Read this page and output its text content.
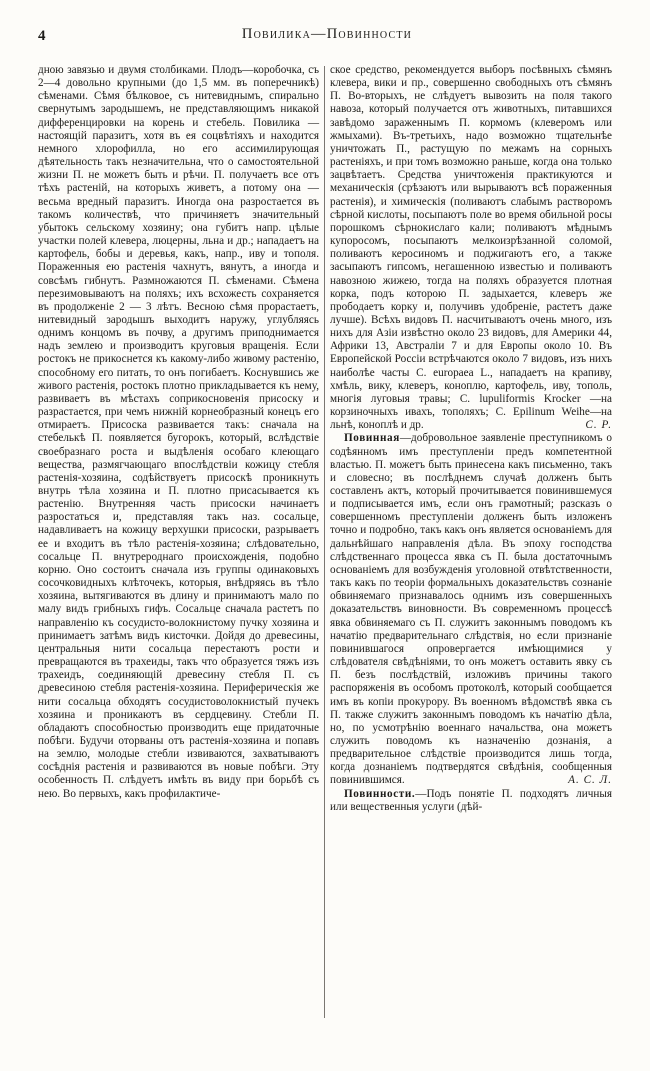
4	Повилика—Повинности

дною завязью и двумя столбиками. Плодъ—коробочка, съ 2—4 довольно крупными (до 1,5 мм. въ поперечникѣ) сѣменами. Сѣмя бѣлковое, съ нитевиднымъ, спирально свернутымъ зародышемъ, не представляющимъ никакой дифференцировки на корень и стебель. Повилика — настоящій паразитъ, хотя въ ея соцвѣтіяхъ и находится немного хлорофилла, но его ассимилирующая дѣятельность такъ незначительна, что о самостоятельной жизни П. не можетъ быть и рѣчи. П. получаетъ все отъ тѣхъ растеній, на которыхъ живетъ, а потому она — весьма вредный паразитъ. Иногда она разростается въ такомъ количествѣ, что причиняетъ значительный убытокъ сельскому хозяину; она губитъ напр. цѣлые участки полей клевера, люцерны, льна и др.; нападаетъ на картофель, бобы и деревья, какъ, напр., иву и тополя. Пораженныя ею растенія чахнутъ, вянутъ, а иногда и совсѣмъ гибнутъ. Размножаются П. сѣменами. Сѣмена перезимовываютъ на поляхъ; ихъ всхожесть сохраняется въ продолженіе 2 — 3 лѣтъ. Весною сѣмя прорастаетъ, нитевидный зародышъ выходитъ наружу, углубляясь однимъ концомъ въ почву, а другимъ приподнимается надъ землею и производитъ круговыя вращенія. Если ростокъ не прикоснется къ какому-либо живому растенію, способному его питать, то онъ погибаетъ. Коснувшись же живого растенія, ростокъ плотно прикладывается къ нему, развиваетъ въ мѣстахъ соприкосновенія присоску и разрастается, при чемъ нижній корнеобразный конецъ его отмираетъ. Присоска развивается такъ: сначала на стебелькѣ П. появляется бугорокъ, который, вслѣдствіе своебразнаго роста и выдѣленія особаго клеющаго вещества, размягчающаго впослѣдствіи кожицу стебля растенія-хозяина, содѣйствуетъ присоскѣ проникнуть внутрь тѣла хозяина и П. плотно присасывается къ растенію. Внутренняя часть присоски начинаетъ разростаться и, представляя такъ наз. сосальце, надавливаетъ на кожицу верхушки присоски, разрываетъ ее и входитъ въ тѣло растенія-хозяина; слѣдовательно, сосальце П. внутрероднаго происхожденія, подобно корню. Оно состоитъ сначала изъ группы одинаковыхъ сосочковидныхъ клѣточекъ, которыя, внѣдряясь въ тѣло хозяина, вытягиваются въ длину и принимаютъ мало по малу видъ грибныхъ гифъ. Сосальце сначала растетъ по направленію къ сосудисто-волокнистому пучку хозяина и принимаетъ затѣмъ видъ кисточки. Дойдя до древесины, центральныя нити сосальца перестаютъ рости и превращаются въ трахеиды, такъ что образуется тяжъ изъ трахеидъ, соединяющій древесину стебля П. съ древесиною стебля растенія-хозяина. Периферическія же нити сосальца обходятъ сосудистоволокнистый пучекъ хозяина и проникаютъ въ сердцевину. Стебли П. обладаютъ способностью производить еще придаточные побѣги. Будучи оторваны отъ растенія-хозяина и попавъ на землю, молодые стебли извиваются, захватываютъ сосѣднія растенія и развиваются въ новые побѣги. Эту особенность П. слѣдуетъ имѣть въ виду при борьбѣ съ нею. Во первыхъ, какъ профилактиче-

ское средство, рекомендуется выборъ посѣвныхъ сѣмянъ клевера, вики и пр., совершенно свободныхъ отъ сѣмянъ П. Во-вторыхъ, не слѣдуетъ вывозить на поля такого навоза, который получается отъ животныхъ, питавшихся завѣдомо зараженнымъ П. кормомъ (клеверомъ или жмыхами). Въ-третьихъ, надо возможно тщательнѣе уничтожать П., растущую по межамъ на сорныхъ растеніяхъ, и при томъ возможно раньше, когда она только зацвѣтаетъ. Средства уничтоженія практикуются и механическія (срѣзаютъ или вырываютъ всѣ пораженныя растенія), и химическія (поливаютъ слабымъ растворомъ сѣрной кислоты, посыпаютъ поле во время обильной росы порошкомъ сѣрнокислаго кали; поливаютъ мѣднымъ купоросомъ, посыпаютъ мелкоизрѣзанной соломой, поливаютъ керосиномъ и поджигаютъ его, а также засыпаютъ гипсомъ, негашенною известью и поливаютъ навозною жижею, тогда на поляхъ образуется плотная корка, подъ которою П. задыхается, клеверъ же прободаетъ корку и, получивъ удобреніе, растетъ даже лучше). Всѣхъ видовъ П. насчитываютъ очень много, изъ нихъ для Азіи извѣстно около 23 видовъ, для Америки 44, Африки 13, Австраліи 7 и для Европы около 10. Въ Европейской Россіи встрѣчаются около 7 видовъ, изъ нихъ наиболѣе часты C. europaea L., нападаетъ на крапиву, хмѣль, вику, клеверъ, коноплю, картофель, иву, тополь, многія луговыя травы; C. lupuliformis Krocker —на корзиночныхъ ивахъ, тополяхъ; C. Epilinum Weihe—на льнѣ, коноплѣ и др.	С. Р.

Повинная—добровольное заявленіе преступникомъ о содѣянномъ имъ преступленіи предъ компетентной властью. П. можетъ быть принесена какъ письменно, такъ и словесно; въ послѣднемъ случаѣ долженъ быть составленъ актъ, который прочитывается повинившемуся и подписывается имъ, если онъ грамотный; разсказъ о совершенномъ преступленіи долженъ быть изложенъ точно и подробно, такъ какъ онъ является основаніемъ для дальнѣйшаго направленія дѣла. Въ эпоху господства слѣдственнаго процесса явка съ П. была достаточнымъ основаніемъ для возбужденія уголовной отвѣтственности, такъ какъ по теоріи формальныхъ доказательствъ сознаніе обвиняемаго признавалось однимъ изъ совершенныхъ доказательствъ виновности. Въ современномъ процессѣ явка обвиняемаго съ П. служитъ законнымъ поводомъ къ начатію предварительнаго слѣдствія, но если признаніе повинившагося опровергается имѣющимися у слѣдователя свѣдѣніями, то онъ можетъ оставить явку съ П. безъ послѣдствій, изложивъ причины такого распоряженія въ особомъ протоколѣ, который сообщается имъ въ копіи прокурору. Въ военномъ вѣдомствѣ явка съ П. также служитъ законнымъ поводомъ къ начатію дѣла, но, по усмотрѣнію военнаго начальства, она можетъ служить поводомъ къ назначенію дознанія, а предварительное слѣдствіе производится лишь тогда, когда дознаніемъ подтвердятся свѣдѣнія, сообщенныя повинившимся.	А. С. Л.

Повинности.—Подъ понятіе П. подходятъ личныя или вещественныя услуги (дѣй-
